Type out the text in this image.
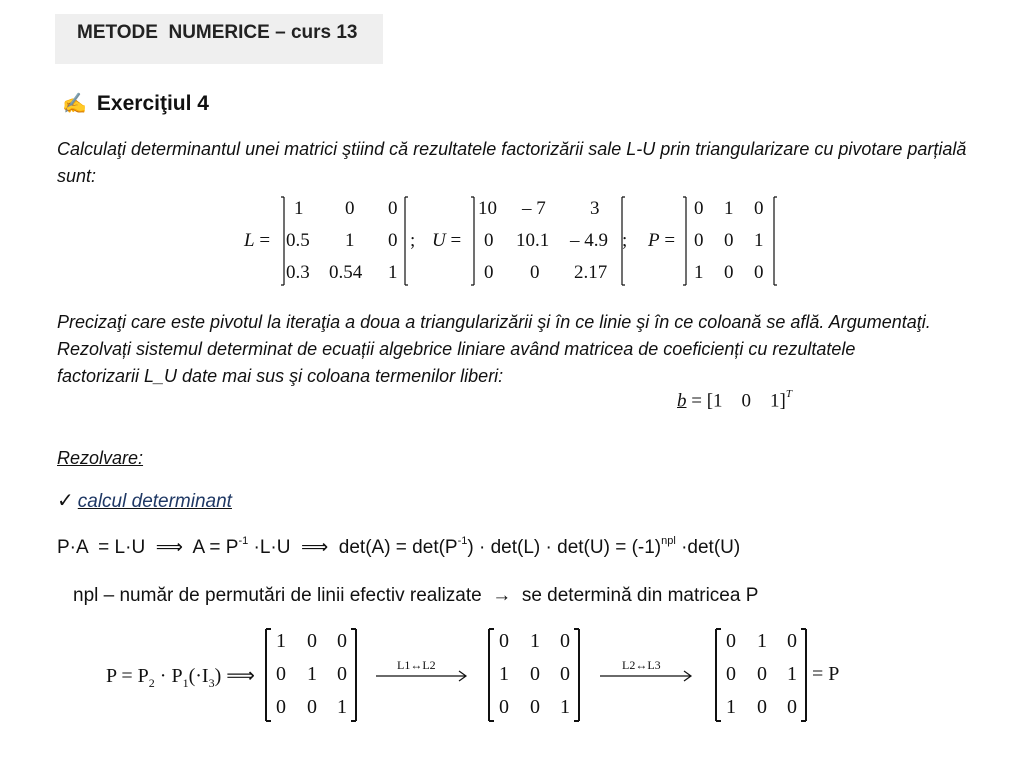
METODE  NUMERICE – curs 13
✍ Exerciţiul 4
Calculaţi determinantul unei matrici ştiind că rezultatele factorizării sale L-U prin triangularizare cu pivotare parțială sunt:
L =
1 0 0
0.5 1 0
0.3 0.54 1
; U =
10 – 7 3
0 10.1 – 4.9
0 0 2.17
; P =
0 1 0
0 0 1
1 0 0
Precizaţi care este pivotul la iteraţia a doua a triangularizării şi în ce linie şi în ce coloană se află. Argumentaţi.
Rezolvați sistemul determinat de ecuații algebrice liniare având matricea de coeficienți cu rezultatele factorizarii L_U date mai sus şi coloana termenilor liberi:
b = [1    0    1]$^T$
Rezolvare:
✓ calcul determinant
P·A  = L·U  ⟹  $A = P^{-1} \cdot L\cdot U$  ⟹  $\det(A) = \det(P^{-1}) \cdot \det(L) \cdot \det(U) = (-1)^{npl} \cdot\det(U)$
npl – număr de permutări de linii efectiv realizate  →  se determină din matricea P
$P = P_2 \cdot P_1(\cdot I_3)$ ⟹
1 0 0
0 1 0
0 0 1
L1↔L2
0 1 0
1 0 0
0 0 1
L2↔L3
0 1 0
0 0 1
1 0 0
= P
